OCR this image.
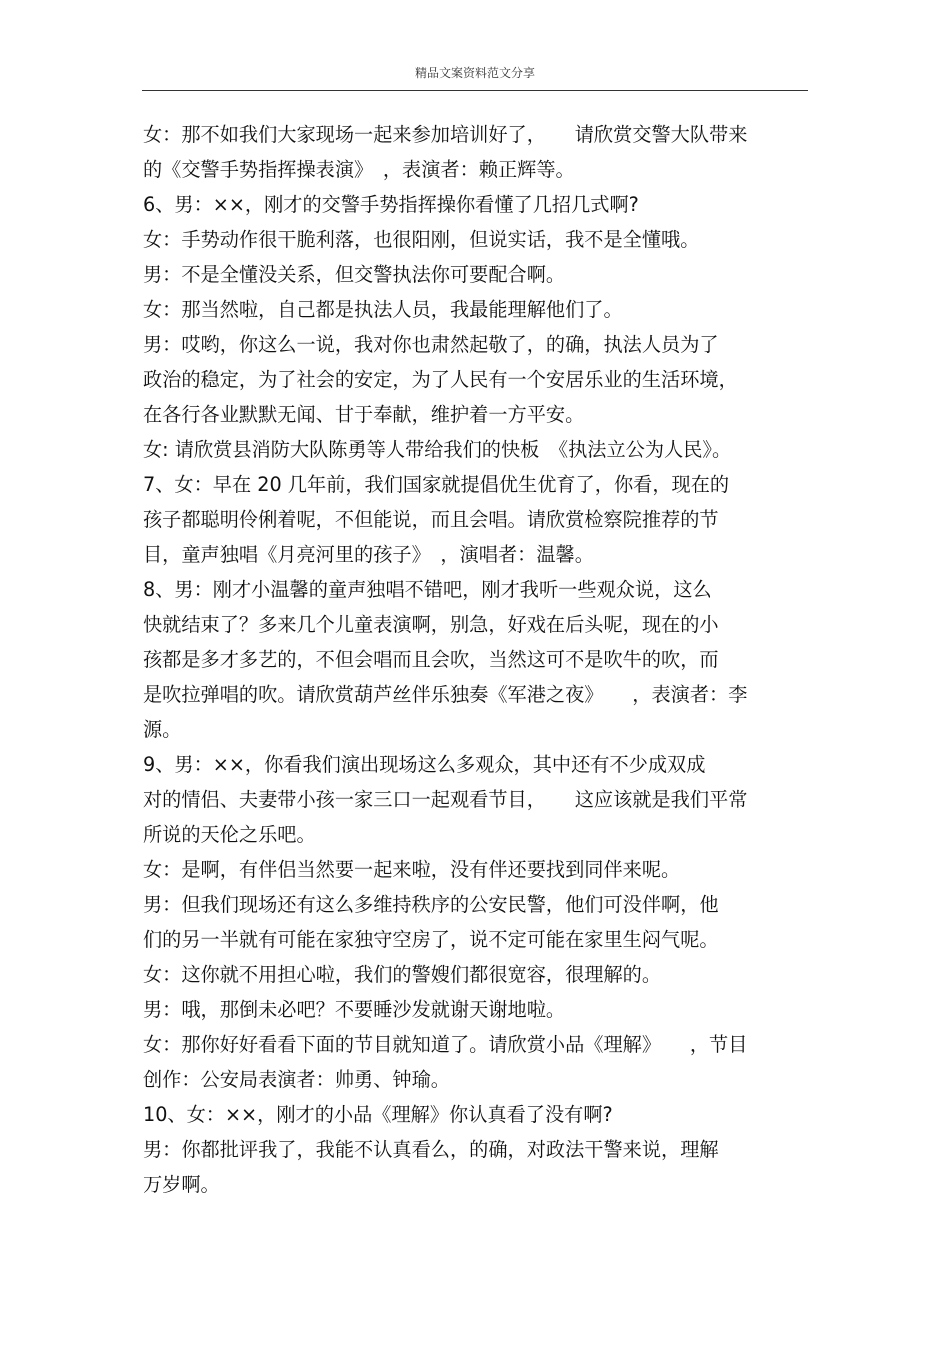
精品文案资料范文分享
女：那不如我们大家现场一起来参加培训好了，　　请欣赏交警大队带来
的《交警手势指挥操表演》　，表演者：赖正辉等。
6、男：××，刚才的交警手势指挥操你看懂了几招几式啊?
女：手势动作很干脆利落，也很阳刚，但说实话，我不是全懂哦。
男：不是全懂没关系，但交警执法你可要配合啊。
女：那当然啦，自己都是执法人员，我最能理解他们了。
男：哎哟，你这么一说，我对你也肃然起敬了，的确，执法人员为了
政治的稳定，为了社会的安定，为了人民有一个安居乐业的生活环境，
在各行各业默默无闻、甘于奉献，维护着一方平安。
女: 请欣赏县消防大队陈勇等人带给我们的快板　《执法立公为人民》。
7、女：早在 20 几年前，我们国家就提倡优生优育了，你看，现在的
孩子都聪明伶俐着呢，不但能说，而且会唱。请欣赏检察院推荐的节
目，童声独唱《月亮河里的孩子》　，演唱者：温馨。
8、男：刚才小温馨的童声独唱不错吧，刚才我听一些观众说，这么
快就结束了？多来几个儿童表演啊，别急，好戏在后头呢，现在的小
孩都是多才多艺的，不但会唱而且会吹，当然这可不是吹牛的吹，而
是吹拉弹唱的吹。请欣赏葫芦丝伴乐独奏《军港之夜》　　，表演者：李
源。
9、男：××，你看我们演出现场这么多观众，其中还有不少成双成
对的情侣、夫妻带小孩一家三口一起观看节目，　　这应该就是我们平常
所说的天伦之乐吧。
女：是啊，有伴侣当然要一起来啦，没有伴还要找到同伴来呢。
男：但我们现场还有这么多维持秩序的公安民警，他们可没伴啊，他
们的另一半就有可能在家独守空房了，说不定可能在家里生闷气呢。
女：这你就不用担心啦，我们的警嫂们都很宽容，很理解的。
男：哦，那倒未必吧？不要睡沙发就谢天谢地啦。
女：那你好好看看下面的节目就知道了。请欣赏小品《理解》　　，节目
创作：公安局表演者：帅勇、钟瑜。
10、女：××，刚才的小品《理解》你认真看了没有啊?
男：你都批评我了，我能不认真看么，的确，对政法干警来说，理解
万岁啊。
